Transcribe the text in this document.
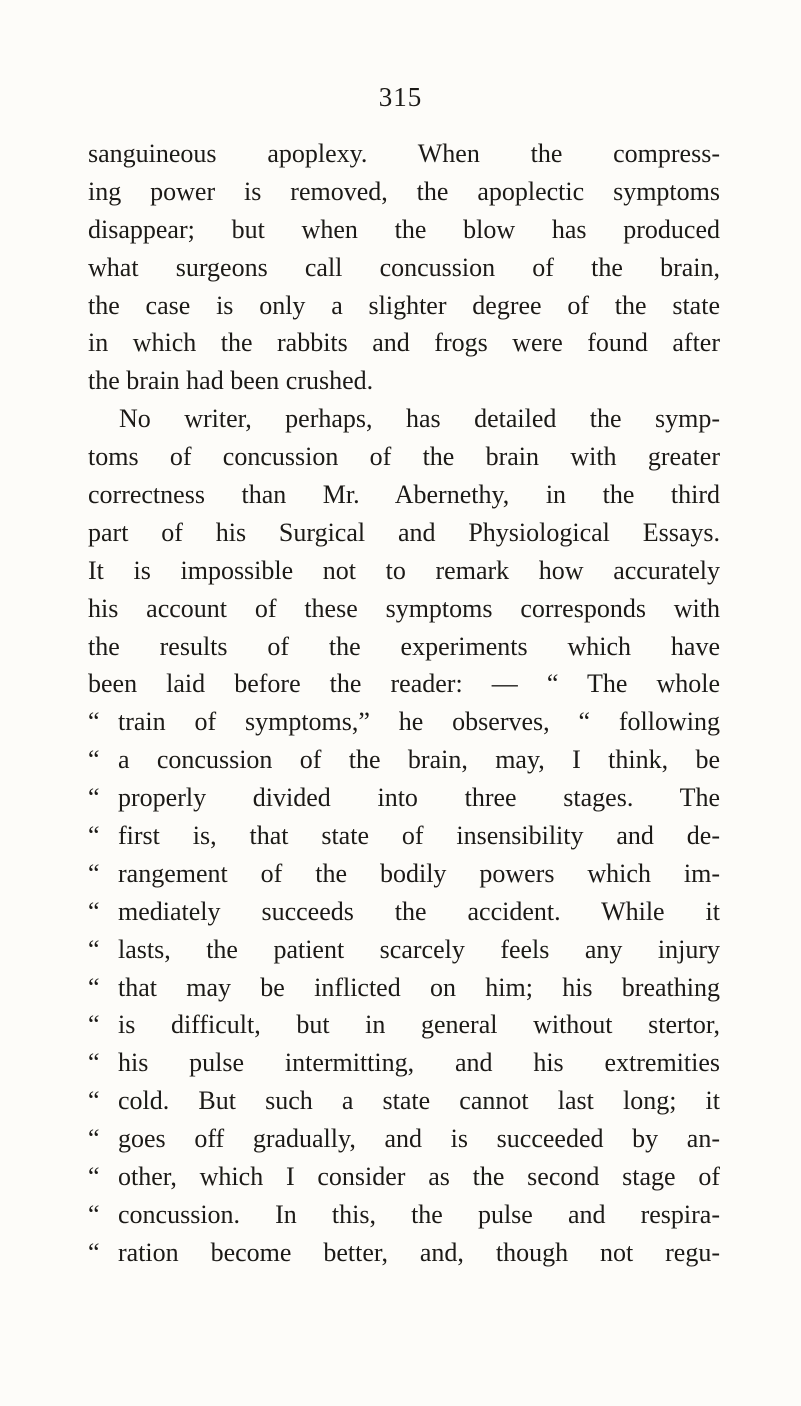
315
sanguineous apoplexy. When the compress-
ing power is removed, the apoplectic symptoms
disappear; but when the blow has produced
what surgeons call concussion of the brain,
the case is only a slighter degree of the state
in which the rabbits and frogs were found after
the brain had been crushed.
No writer, perhaps, has detailed the symp-
toms of concussion of the brain with greater
correctness than Mr. Abernethy, in the third
part of his Surgical and Physiological Essays.
It is impossible not to remark how accurately
his account of these symptoms corresponds with
the results of the experiments which have
been laid before the reader: — “ The whole
“ train of symptoms,” he observes, “ following
“ a concussion of the brain, may, I think, be
“ properly divided into three stages. The
“ first is, that state of insensibility and de-
“ rangement of the bodily powers which im-
“ mediately succeeds the accident. While it
“ lasts, the patient scarcely feels any injury
“ that may be inflicted on him; his breathing
“ is difficult, but in general without stertor,
“ his pulse intermitting, and his extremities
“ cold. But such a state cannot last long; it
“ goes off gradually, and is succeeded by an-
“ other, which I consider as the second stage of
“ concussion. In this, the pulse and respira-
“ ration become better, and, though not regu-
